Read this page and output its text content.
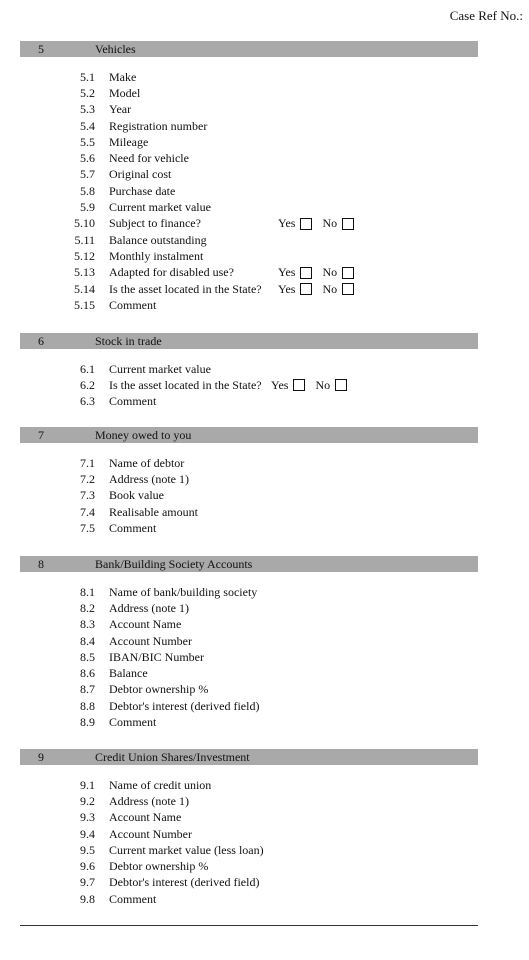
Case Ref No.:
5	Vehicles
5.1	Make
5.2	Model
5.3	Year
5.4	Registration number
5.5	Mileage
5.6	Need for vehicle
5.7	Original cost
5.8	Purchase date
5.9	Current market value
5.10	Subject to finance?	Yes No
5.11	Balance outstanding
5.12	Monthly instalment
5.13	Adapted for disabled use?	Yes No
5.14	Is the asset located in the State? Yes No
5.15	Comment
6	Stock in trade
6.1	Current market value
6.2	Is the asset located in the State? Yes No
6.3	Comment
7	Money owed to you
7.1	Name of debtor
7.2	Address (note 1)
7.3	Book value
7.4	Realisable amount
7.5	Comment
8	Bank/Building Society Accounts
8.1	Name of bank/building society
8.2	Address (note 1)
8.3	Account Name
8.4	Account Number
8.5	IBAN/BIC Number
8.6	Balance
8.7	Debtor ownership %
8.8	Debtor's interest (derived field)
8.9	Comment
9	Credit Union Shares/Investment
9.1	Name of credit union
9.2	Address (note 1)
9.3	Account Name
9.4	Account Number
9.5	Current market value (less loan)
9.6	Debtor ownership %
9.7	Debtor's interest (derived field)
9.8	Comment
